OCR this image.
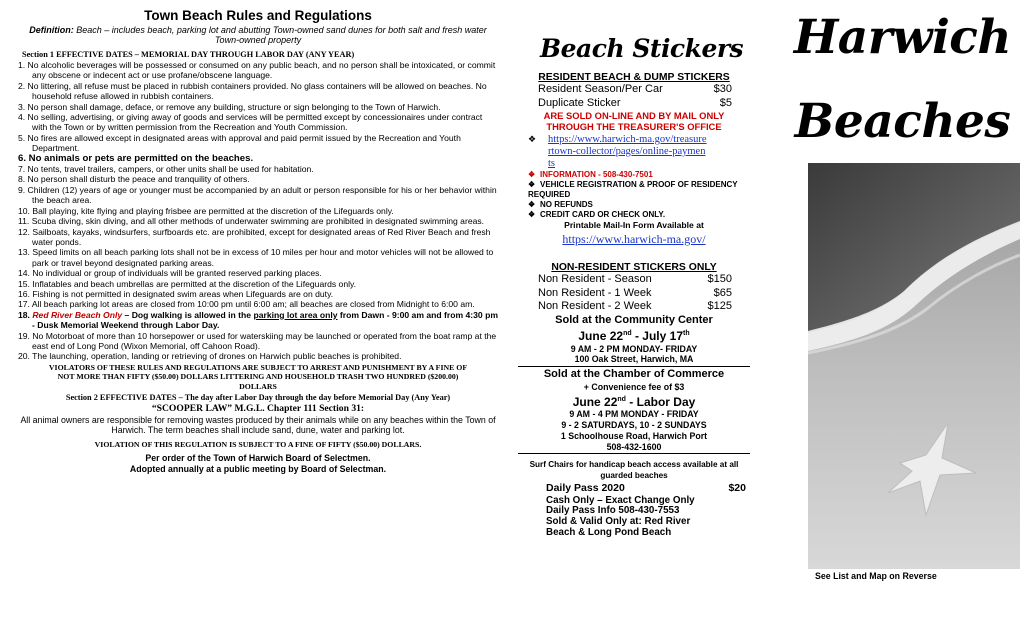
Town Beach Rules and Regulations
Definition: Beach – includes beach, parking lot and abutting Town-owned sand dunes for both salt and fresh water Town-owned property
Section 1 EFFECTIVE DATES – MEMORIAL DAY THROUGH LABOR DAY (ANY YEAR)
1. No alcoholic beverages will be possessed or consumed on any public beach, and no person shall be intoxicated, or commit any obscene or indecent act or use profane/obscene language.
2. No littering, all refuse must be placed in rubbish containers provided. No glass containers will be allowed on beaches. No household refuse allowed in rubbish containers.
3. No person shall damage, deface, or remove any building, structure or sign belonging to the Town of Harwich.
4. No selling, advertising, or giving away of goods and services will be permitted except by concessionaires under contract with the Town or by written permission from the Recreation and Youth Commission.
5. No fires are allowed except in designated areas with approval and paid permit issued by the Recreation and Youth Department.
6. No animals or pets are permitted on the beaches.
7. No tents, travel trailers, campers, or other units shall be used for habitation.
8. No person shall disturb the peace and tranquility of others.
9. Children (12) years of age or younger must be accompanied by an adult or person responsible for his or her behavior within the beach area.
10. Ball playing, kite flying and playing frisbee are permitted at the discretion of the Lifeguards only.
11. Scuba diving, skin diving, and all other methods of underwater swimming are prohibited in designated swimming areas.
12. Sailboats, kayaks, windsurfers, surfboards etc. are prohibited, except for designated areas of Red River Beach and fresh water ponds.
13. Speed limits on all beach parking lots shall not be in excess of 10 miles per hour and motor vehicles will not be allowed to park or travel beyond designated parking areas.
14. No individual or group of individuals will be granted reserved parking places.
15. Inflatables and beach umbrellas are permitted at the discretion of the Lifeguards only.
16. Fishing is not permitted in designated swim areas when Lifeguards are on duty.
17. All beach parking lot areas are closed from 10:00 pm until 6:00 am; all beaches are closed from Midnight to 6:00 am.
18. Red River Beach Only – Dog walking is allowed in the parking lot area only from Dawn - 9:00 am and from 4:30 pm - Dusk Memorial Weekend through Labor Day.
19. No Motorboat of more than 10 horsepower or used for waterskiing may be launched or operated from the boat ramp at the east end of Long Pond (Wixon Memorial, off Cahoon Road).
20. The launching, operation, landing or retrieving of drones on Harwich public beaches is prohibited.
VIOLATORS OF THESE RULES AND REGULATIONS ARE SUBJECT TO ARREST AND PUNISHMENT BY A FINE OF NOT MORE THAN FIFTY ($50.00) DOLLARS LITTERING AND HOUSEHOLD TRASH TWO HUNDRED ($200.00) DOLLARS
Section 2 EFFECTIVE DATES – The day after Labor Day through the day before Memorial Day (Any Year)
“SCOOPER LAW” M.G.L. Chapter 111 Section 31:
All animal owners are responsible for removing wastes produced by their animals while on any beaches within the Town of Harwich. The term beaches shall include sand, dune, water and parking lot.
VIOLATION OF THIS REGULATION IS SUBJECT TO A FINE OF FIFTY ($50.00) DOLLARS.
Per order of the Town of Harwich Board of Selectmen.
Adopted annually at a public meeting by Board of Selectman.
Beach Stickers
RESIDENT BEACH & DUMP STICKERS
Resident Season/Per Car	$30
Duplicate Sticker	$5
ARE SOLD ON-LINE AND BY MAIL ONLY THROUGH THE TREASURER'S OFFICE
❖	https://www.harwich-ma.gov/treasurertown-collector/pages/online-payments
❖ INFORMATION - 508-430-7501
❖ VEHICLE REGISTRATION & PROOF OF RESIDENCY REQUIRED
❖ NO REFUNDS
❖ CREDIT CARD OR CHECK ONLY.
Printable Mail-In Form Available at
https://www.harwich-ma.gov/
NON-RESIDENT STICKERS ONLY
Non Resident - Season	$150
Non Resident - 1 Week	$65
Non Resident - 2 Week	$125
Sold at the Community Center
June 22nd - July 17th
9 AM - 2 PM MONDAY- FRIDAY
100 Oak Street, Harwich, MA
Sold at the Chamber of Commerce
+ Convenience fee of $3
June 22nd - Labor Day
9 AM - 4 PM MONDAY - FRIDAY
9 - 2 SATURDAYS, 10 - 2 SUNDAYS
1 Schoolhouse Road, Harwich Port
508-432-1600
Surf Chairs for handicap beach access available at all guarded beaches
Daily Pass 2020	$20
Cash Only – Exact Change Only
Daily Pass Info 508-430-7553
Sold & Valid Only at: Red River
Beach & Long Pond Beach
Harwich
Beaches
See List and Map on Reverse
